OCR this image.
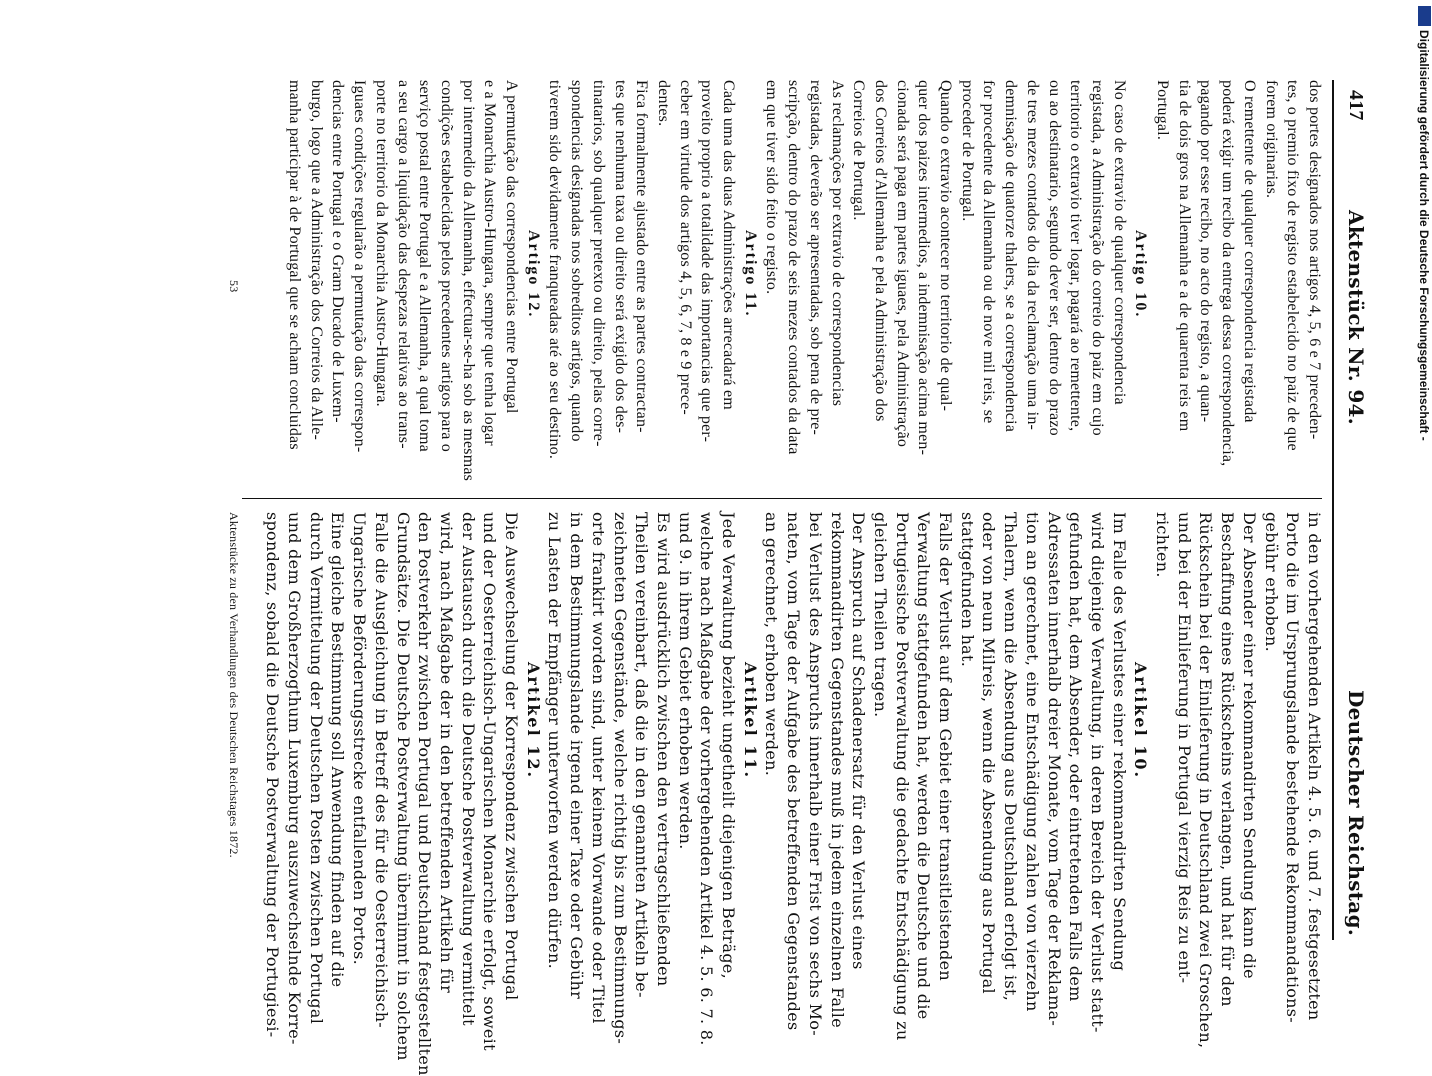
Deutscher Reichstag.
Aktenstück Nr. 94.
417
dos portes designados nos artigos 4, 5, 6 e 7 preceden-
tes, o premio fixo de registo estabelecido no paiz de que
forem originarias.
O remettente de qualquer correspondencia registada
poderá exigir um recibo da entrega dessa correspondencia,
pagando por esse recibo, no acto do registo, a quan-
tia de dois gros na Allemanha e a de quarenta reis em
Portugal.
Artigo 10.
No caso de extravio de qualquer correspondencia
registada, a Administração do correio do paiz em cujo
territorio o extravio tiver logar, pagará ao remettente,
ou ao destinatario, segundo dever ser, dentro do prazo
de tres mezes contados do dia da reclamação uma in-
demnisação de quatorze thalers, se a correspondencia
for procedente da Allemanha ou de nove mil reis, se
proceder de Portugal.
Quando o extravio acontecer no territorio de qual-
quer dos paizes intermedios, a indemnisação acima men-
cionada será paga em partes iguaes, pela Administração
dos Correios d'Allemanha e pela Administração dos
Correios de Portugal.
As reclamações por extravio de correspondencias
registadas, deverão ser apresentadas, sob pena de pre-
scripção, dentro do prazo de seis mezes contados da data
em que tiver sido feito o registo.
Artigo 11.
Cada uma das duas Administrações arrecadará em
proveito proprio a totalidade das importancias que per-
ceber em virtude dos artigos 4, 5, 6, 7, 8 e 9 prece-
dentes.
Fica formalmente ajustado entre as partes contractan-
tes que nenhuma taxa ou direito será exigido dos des-
tinatarios, sob qualquer pretexto ou direito, pelas corre-
spondencias designadas nos sobreditos artigos, quando
tiverem sido devidamente franqueadas até ao seu destino.
Artigo 12.
A permutação das correspondencias entre Portugal
e a Monarchia Austro-Hungara, sempre que tenha logar
por intermedio da Allemanha, effectuar-se-ha sob as mesmas
condições estabelecidas pelos precedentes artigos para o
serviço postal entre Portugal e a Allemanha, a qual toma
a seu cargo a liquidação das despezas relativas ao trans-
porte no territorio da Monarchia Austro-Hungara.
Iguaes condições regularão a permutação das correspon-
dencias entre Portugal e o Gram Ducado de Luxem-
burgo, logo que a Administração dos Correios da Alle-
manha participar à de Portugal que se acham concluidas
in den vorhergehenden Artikeln 4. 5. 6. und 7. festgesetzten
Porto die im Ursprungslande bestehende Rekommandations-
gebühr erhoben.
Der Absender einer rekommandirten Sendung kann die
Beschaffung eines Rückscheins verlangen, und hat für den
Rückschein bei der Einlieferung in Deutschland zwei Groschen,
und bei der Einlieferung in Portugal vierzig Reis zu ent-
richten.
Artikel 10.
Im Falle des Verlustes einer rekommandirten Sendung
wird diejenige Verwaltung, in deren Bereich der Verlust statt-
gefunden hat, dem Absender, oder eintretenden Falls dem
Adressaten innerhalb dreier Monate, vom Tage der Reklama-
tion an gerechnet, eine Entschädigung zahlen von vierzehn
Thalern, wenn die Absendung aus Deutschland erfolgt ist,
oder von neun Milreis, wenn die Absendung aus Portugal
stattgefunden hat.
Falls der Verlust auf dem Gebiet einer transitleistenden
Verwaltung stattgefunden hat, werden die Deutsche und die
Portugiesische Postverwaltung die gedachte Entschädigung zu
gleichen Theilen tragen.
Der Anspruch auf Schadenersatz für den Verlust eines
rekommandirten Gegenstandes muß in jedem einzelnen Falle
bei Verlust des Anspruchs innerhalb einer Frist von sechs Mo-
naten, vom Tage der Aufgabe des betreffenden Gegenstandes
an gerechnet, erhoben werden.
Artikel 11.
Jede Verwaltung bezieht ungetheilt diejenigen Beträge,
welche nach Maßgabe der vorhergehenden Artikel 4. 5. 6. 7. 8.
und 9. in ihrem Gebiet erhoben werden.
Es wird ausdrücklich zwischen den vertragschließenden
Theilen vereinbart, daß die in den genannten Artikeln be-
zeichneten Gegenstände, welche richtig bis zum Bestimmungs-
orte frankirt worden sind, unter keinem Vorwande oder Titel
in dem Bestimmungslande irgend einer Taxe oder Gebühr
zu Lasten der Empfänger unterworfen werden dürfen.
Artikel 12.
Die Auswechselung der Korrespondenz zwischen Portugal
und der Oesterreichisch-Ungarischen Monarchie erfolgt, soweit
der Austausch durch die Deutsche Postverwaltung vermittelt
wird, nach Maßgabe der in den betreffenden Artikeln für
den Postverkehr zwischen Portugal und Deutschland festgestellten
Grundsätze. Die Deutsche Postverwaltung übernimmt in solchem
Falle die Ausgleichung in Betreff des für die Oesterreichisch-
Ungarische Beförderungsstrecke entfallenden Portos.
Eine gleiche Bestimmung soll Anwendung finden auf die
durch Vermittelung der Deutschen Posten zwischen Portugal
und dem Großherzogthum Luxemburg auszuwechselnde Korre-
spondenz, sobald die Deutsche Postverwaltung der Portugiesi-
Aktenstücke zu den Verhandlungen des Deutschen Reichstages 1872.
53	Digitalisierung gefördert durch die Deutsche Forschungsgemeinschaft -
